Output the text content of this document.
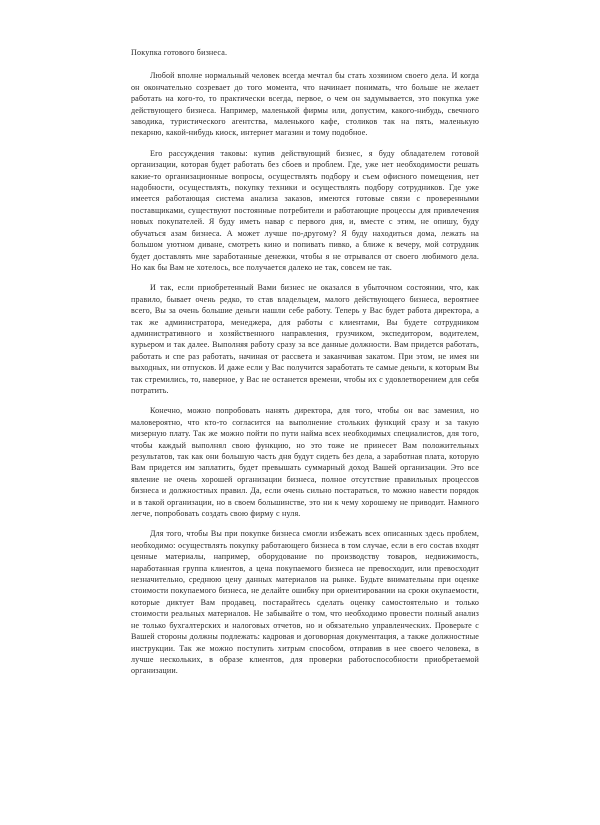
Покупка готового бизнеса.

Любой вполне нормальный человек всегда мечтал бы стать хозяином своего дела. И когда он окончательно созревает до того момента, что начинает понимать, что больше не желает работать на кого-то, то практически всегда, первое, о чем он задумывается, это покупка уже действующего бизнеса. Например, маленькой фирмы или, допустим, какого-нибудь, свечного заводика, туристического агентства, маленького кафе, столиков так на пять, маленькую пекарню, какой-нибудь киоск, интернет магазин и тому подобное.

Его рассуждения таковы: купив действующий бизнес, я буду обладателем готовой организации, которая будет работать без сбоев и проблем. Где, уже нет необходимости решать какие-то организационные вопросы, осуществлять подбору и съем офисного помещения, нет надобности, осуществлять, покупку техники и осуществлять подбору сотрудников. Где уже имеется работающая система анализа заказов, имеются готовые связи с проверенными поставщиками, существуют постоянные потребители и работающие процессы для привлечения новых покупателей. Я буду иметь навар с первого дня, и, вместе с этим, не опишу, буду обучаться азам бизнеса. А может лучше по-другому? Я буду находиться дома, лежать на большом уютном диване, смотреть кино и попивать пивко, а ближе к вечеру, мой сотрудник будет доставлять мне заработанные денежки, чтобы я не отрывался от своего любимого дела. Но как бы Вам не хотелось, все получается далеко не так, совсем не так.

И так, если приобретенный Вами бизнес не оказался в убыточном состоянии, что, как правило, бывает очень редко, то став владельцем, малого действующего бизнеса, вероятнее всего, Вы за очень большие деньги нашли себе работу. Теперь у Вас будет работа директора, а так же администратора, менеджера, для работы с клиентами, Вы будете сотрудником административного и хозяйственного направления, грузчиком, экспедитором, водителем, курьером и так далее. Выполняя работу сразу за все данные должности. Вам придется работать, работать и спе раз работать, начиная от рассвета и заканчивая закатом. При этом, не имея ни выходных, ни отпусков. И даже если у Вас получится заработать те самые деньги, к которым Вы так стремились, то, наверное, у Вас не останется времени, чтобы их с удовлетворением для себя потратить.

Конечно, можно попробовать нанять директора, для того, чтобы он вас заменил, но маловероятно, что кто-то согласится на выполнение стольких функций сразу и за такую мизерную плату. Так же можно пойти по пути найма всех необходимых специалистов, для того, чтобы каждый выполнял свою функцию, но это тоже не принесет Вам положительных результатов, так как они большую часть дня будут сидеть без дела, а заработная плата, которую Вам придется им заплатить, будет превышать суммарный доход Вашей организации. Это все явление не очень хорошей организации бизнеса, полное отсутствие правильных процессов бизнеса и должностных правил. Да, если очень сильно постараться, то можно навести порядок и в такой организации, но в своем большинстве, это ни к чему хорошему не приводит. Намного легче, попробовать создать свою фирму с нуля.

Для того, чтобы Вы при покупке бизнеса смогли избежать всех описанных здесь проблем, необходимо: осуществлять покупку работающего бизнеса в том случае, если в его состав входят ценные материалы, например, оборудование по производству товаров, недвижимость, наработанная группа клиентов, а цена покупаемого бизнеса не превосходит, или превосходит незначительно, среднюю цену данных материалов на рынке. Будьте внимательны при оценке стоимости покупаемого бизнеса, не делайте ошибку при ориентировании на сроки окупаемости, которые диктует Вам продавец, постарайтесь сделать оценку самостоятельно и только стоимости реальных материалов. Не забывайте о том, что необходимо провести полный анализ не только бухгалтерских и налоговых отчетов, но и обязательно управленческих. Проверьте с Вашей стороны должны подлежать: кадровая и договорная документация, а также должностные инструкции. Так же можно поступить хитрым способом, отправив в нее своего человека, в лучше нескольких, в образе клиентов, для проверки работоспособности приобретаемой организации.
